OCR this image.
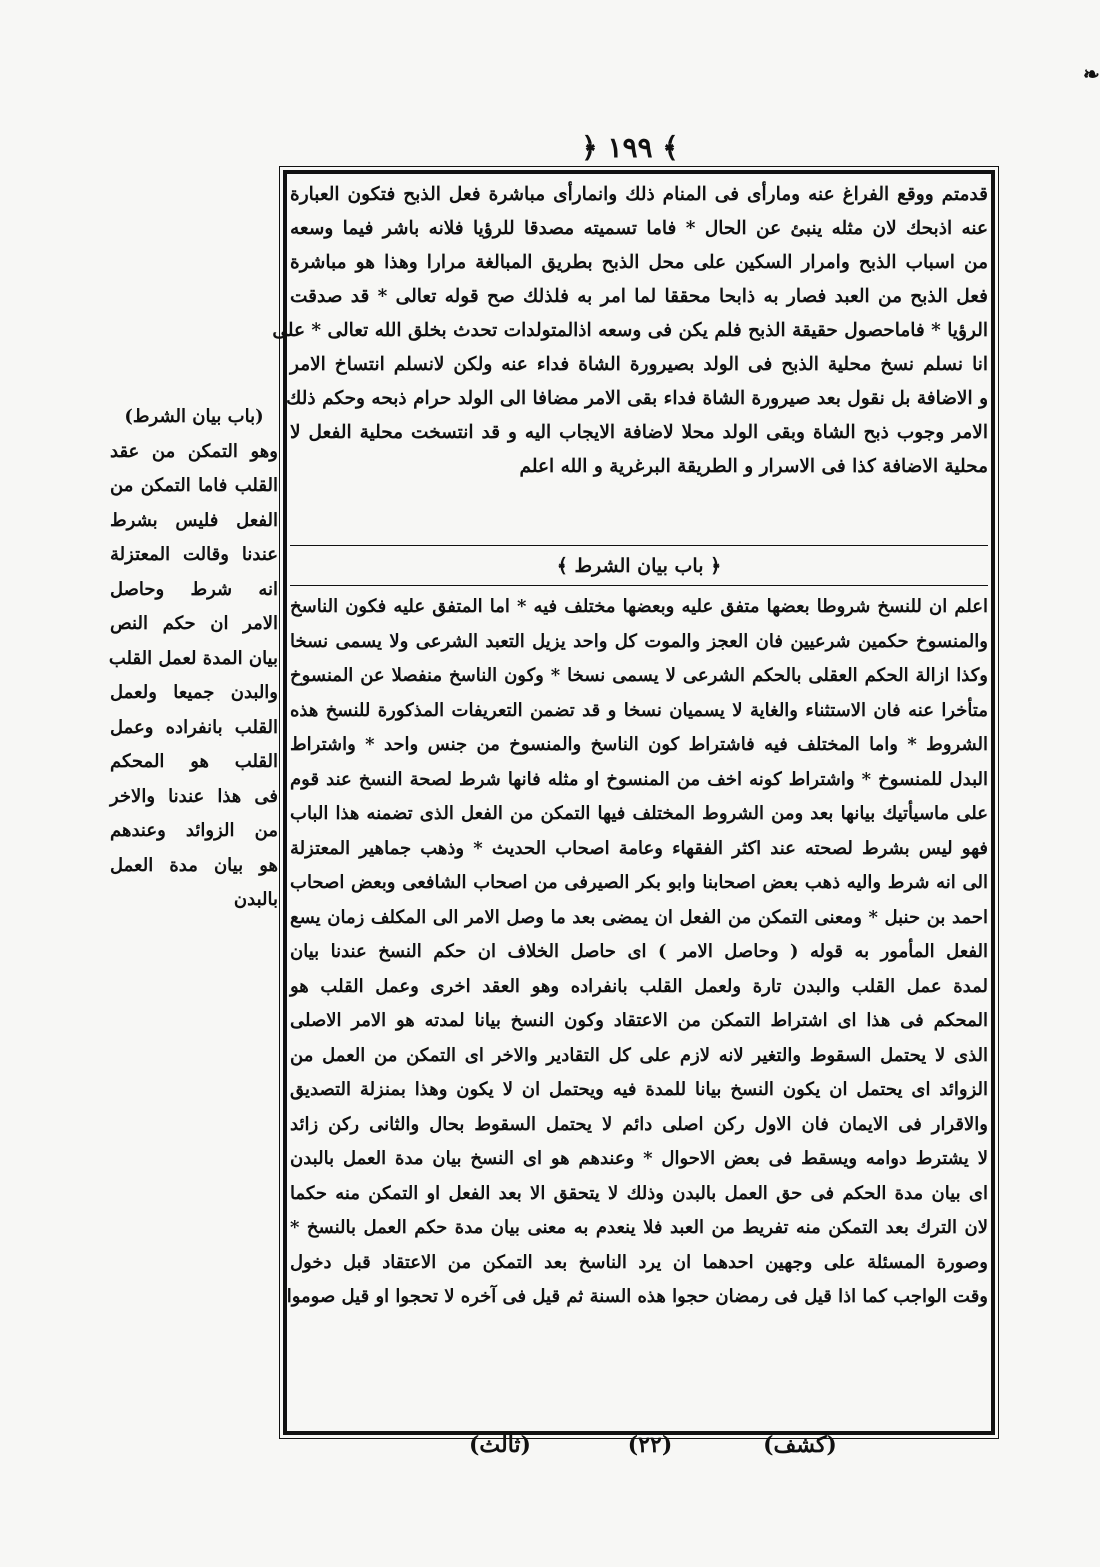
❧
﴿ ١٩٩ ﴾
قدمتم ووقع الفراغ عنه ومارأى فى المنام ذلك وانمارأى مباشرة فعل الذبح فتكون العبارة
عنه اذبحك لان مثله ينبئ عن الحال * فاما تسميته مصدقا للرؤيا فلانه باشر فيما وسعه
من اسباب الذبح وامرار السكين على محل الذبح بطريق المبالغة مرارا وهذا هو مباشرة
فعل الذبح من العبد فصار به ذابحا محققا لما امر به فلذلك صح قوله تعالى * قد صدقت
الرؤيا * فاماحصول حقيقة الذبح فلم يكن فى وسعه اذالمتولدات تحدث بخلق الله تعالى * على
انا نسلم نسخ محلية الذبح فى الولد بصيرورة الشاة فداء عنه ولكن لانسلم انتساخ الامر
و الاضافة بل نقول بعد صيرورة الشاة فداء بقى الامر مضافا الى الولد حرام ذبحه وحكم ذلك
الامر وجوب ذبح الشاة وبقى الولد محلا لاضافة الايجاب اليه و قد انتسخت محلية الفعل لا
محلية الاضافة كذا فى الاسرار و الطريقة البرغرية و الله اعلم
﴿ باب بيان الشرط ﴾
اعلم ان للنسخ شروطا بعضها متفق عليه وبعضها مختلف فيه * اما المتفق عليه فكون الناسخ
والمنسوخ حكمين شرعيين فان العجز والموت كل واحد يزيل التعبد الشرعى ولا يسمى نسخا
وكذا ازالة الحكم العقلى بالحكم الشرعى لا يسمى نسخا * وكون الناسخ منفصلا عن المنسوخ
متأخرا عنه فان الاستثناء والغاية لا يسميان نسخا و قد تضمن التعريفات المذكورة للنسخ هذه
الشروط * واما المختلف فيه فاشتراط كون الناسخ والمنسوخ من جنس واحد * واشتراط
البدل للمنسوخ * واشتراط كونه اخف من المنسوخ او مثله فانها شرط لصحة النسخ عند قوم
على ماسيأتيك بيانها بعد ومن الشروط المختلف فيها التمكن من الفعل الذى تضمنه هذا الباب
فهو ليس بشرط لصحته عند اكثر الفقهاء وعامة اصحاب الحديث * وذهب جماهير المعتزلة
الى انه شرط واليه ذهب بعض اصحابنا وابو بكر الصيرفى من اصحاب الشافعى وبعض اصحاب
احمد بن حنبل * ومعنى التمكن من الفعل ان يمضى بعد ما وصل الامر الى المكلف زمان يسع
الفعل المأمور به قوله ( وحاصل الامر ) اى حاصل الخلاف ان حكم النسخ عندنا بيان
لمدة عمل القلب والبدن تارة ولعمل القلب بانفراده وهو العقد اخرى وعمل القلب هو
المحكم فى هذا اى اشتراط التمكن من الاعتقاد وكون النسخ بيانا لمدته هو الامر الاصلى
الذى لا يحتمل السقوط والتغير لانه لازم على كل التقادير والاخر اى التمكن من العمل من
الزوائد اى يحتمل ان يكون النسخ بيانا للمدة فيه ويحتمل ان لا يكون وهذا بمنزلة التصديق
والاقرار فى الايمان فان الاول ركن اصلى دائم لا يحتمل السقوط بحال والثانى ركن زائد
لا يشترط دوامه ويسقط فى بعض الاحوال * وعندهم هو اى النسخ بيان مدة العمل بالبدن
اى بيان مدة الحكم فى حق العمل بالبدن وذلك لا يتحقق الا بعد الفعل او التمكن منه حكما
لان الترك بعد التمكن منه تفريط من العبد فلا ينعدم به معنى بيان مدة حكم العمل بالنسخ *
وصورة المسئلة على وجهين احدهما ان يرد الناسخ بعد التمكن من الاعتقاد قبل دخول
وقت الواجب كما اذا قيل فى رمضان حجوا هذه السنة ثم قيل فى آخره لا تحجوا او قيل صوموا
(باب بيان الشرط)
وهو التمكن من عقد
القلب فاما التمكن من
الفعل فليس بشرط
عندنا وقالت المعتزلة
انه شرط وحاصل
الامر ان حكم النص
بيان المدة لعمل القلب
والبدن جميعا ولعمل
القلب بانفراده وعمل
القلب هو المحكم
فى هذا عندنا والاخر
من الزوائد وعندهم
هو بيان مدة العمل
بالبدن
(ثالث)	(٢٢)	(كشف)
